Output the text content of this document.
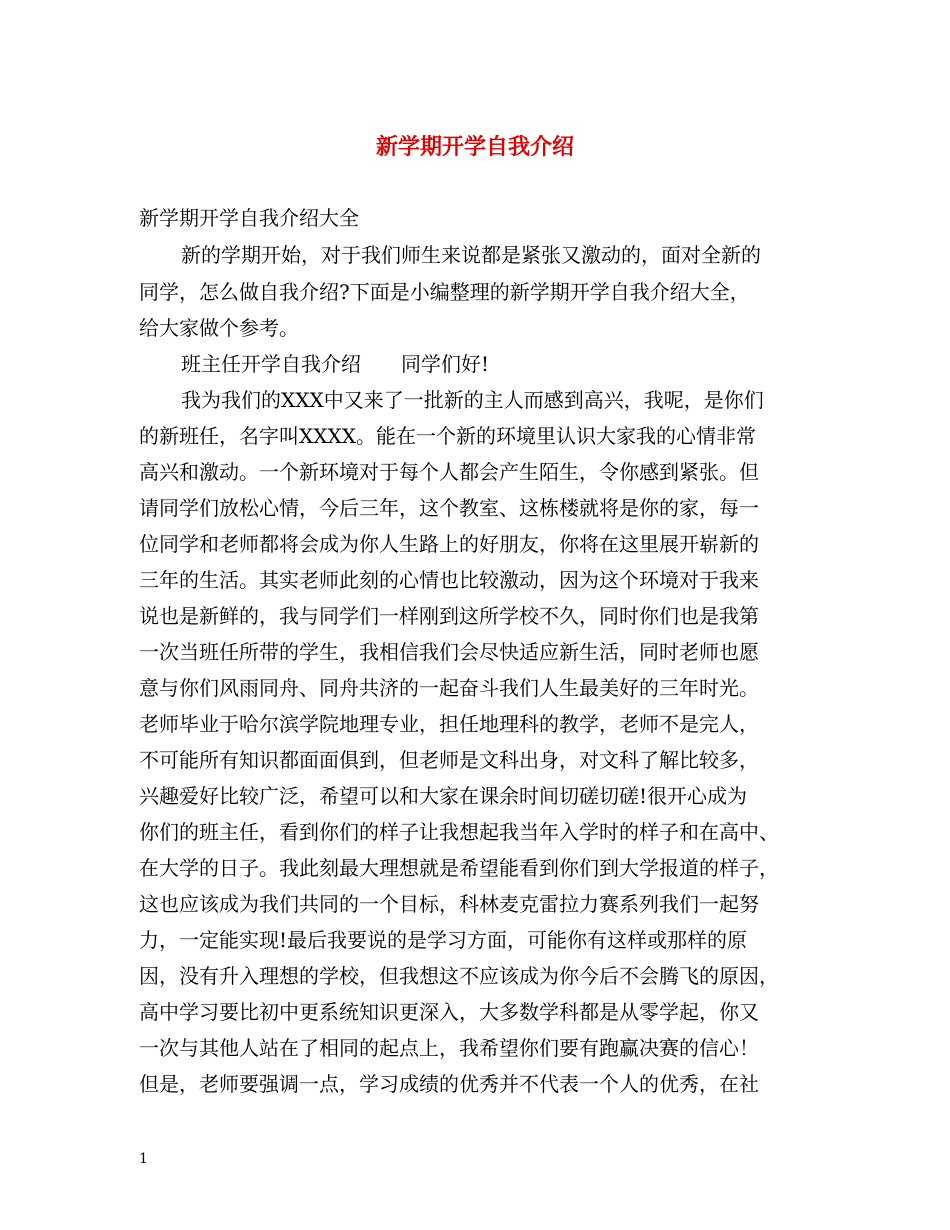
新学期开学自我介绍
新学期开学自我介绍大全
新的学期开始，对于我们师生来说都是紧张又激动的，面对全新的
同学，怎么做自我介绍?下面是小编整理的新学期开学自我介绍大全，
给大家做个参考。
班主任开学自我介绍　　同学们好!
我为我们的XXX中又来了一批新的主人而感到高兴，我呢，是你们
的新班任，名字叫XXXX。能在一个新的环境里认识大家我的心情非常
高兴和激动。一个新环境对于每个人都会产生陌生，令你感到紧张。但
请同学们放松心情，今后三年，这个教室、这栋楼就将是你的家，每一
位同学和老师都将会成为你人生路上的好朋友，你将在这里展开崭新的
三年的生活。其实老师此刻的心情也比较激动，因为这个环境对于我来
说也是新鲜的，我与同学们一样刚到这所学校不久，同时你们也是我第
一次当班任所带的学生，我相信我们会尽快适应新生活，同时老师也愿
意与你们风雨同舟、同舟共济的一起奋斗我们人生最美好的三年时光。
老师毕业于哈尔滨学院地理专业，担任地理科的教学，老师不是完人，
不可能所有知识都面面俱到，但老师是文科出身，对文科了解比较多，
兴趣爱好比较广泛，希望可以和大家在课余时间切磋切磋!很开心成为
你们的班主任，看到你们的样子让我想起我当年入学时的样子和在高中、
在大学的日子。我此刻最大理想就是希望能看到你们到大学报道的样子，
这也应该成为我们共同的一个目标，科林麦克雷拉力赛系列我们一起努
力，一定能实现!最后我要说的是学习方面，可能你有这样或那样的原
因，没有升入理想的学校，但我想这不应该成为你今后不会腾飞的原因，
高中学习要比初中更系统知识更深入，大多数学科都是从零学起，你又
一次与其他人站在了相同的起点上，我希望你们要有跑赢决赛的信心！
但是，老师要强调一点，学习成绩的优秀并不代表一个人的优秀，在社
1
